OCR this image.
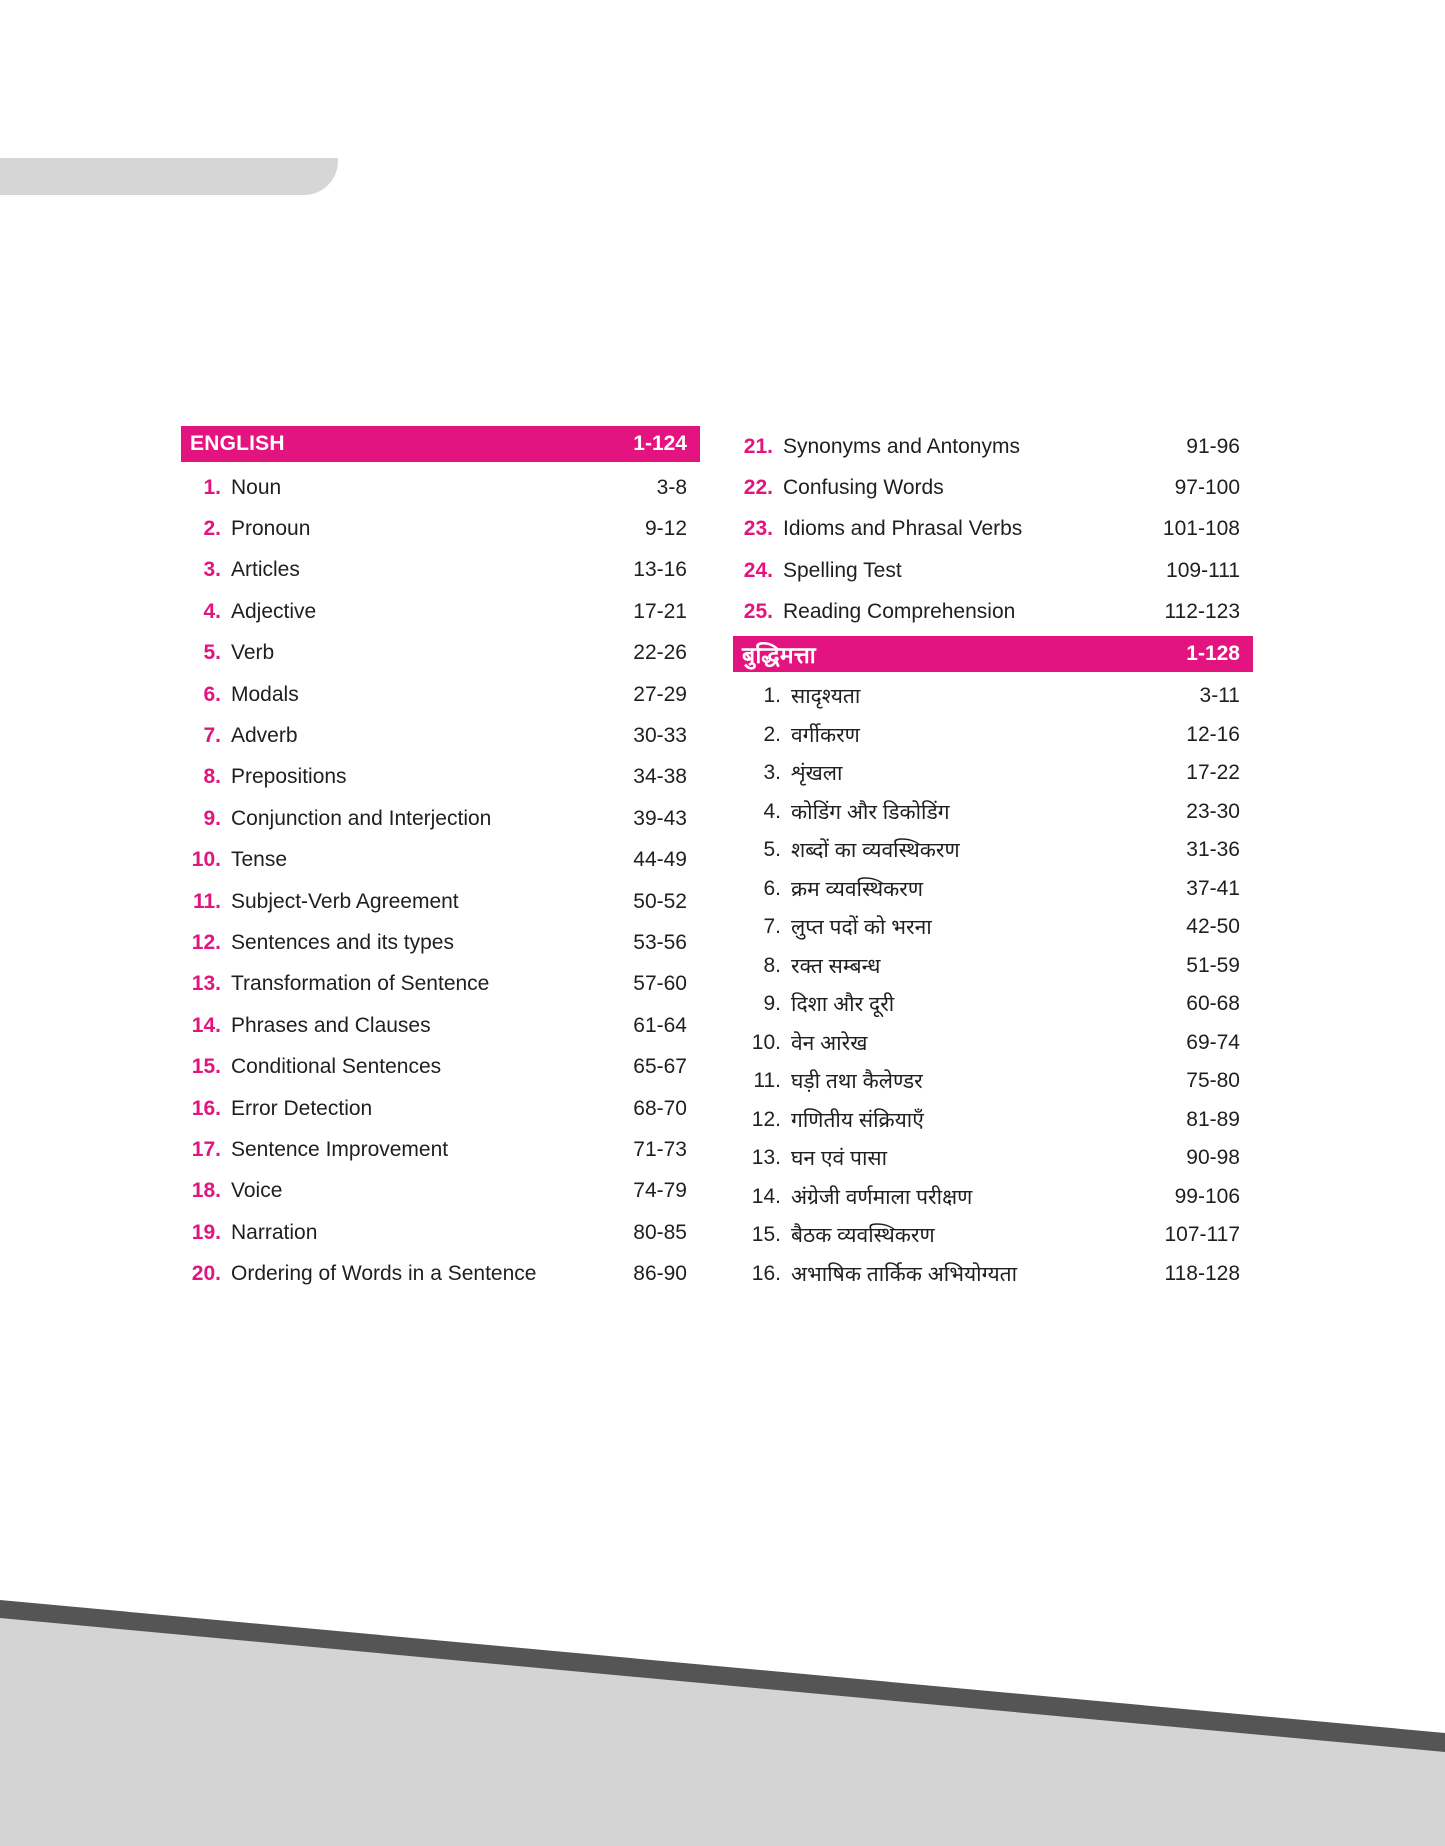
ENGLISH	1-124
1. Noun	3-8
2. Pronoun	9-12
3. Articles	13-16
4. Adjective	17-21
5. Verb	22-26
6. Modals	27-29
7. Adverb	30-33
8. Prepositions	34-38
9. Conjunction and Interjection	39-43
10. Tense	44-49
11. Subject-Verb Agreement	50-52
12. Sentences and its types	53-56
13. Transformation of Sentence	57-60
14. Phrases and Clauses	61-64
15. Conditional Sentences	65-67
16. Error Detection	68-70
17. Sentence Improvement	71-73
18. Voice	74-79
19. Narration	80-85
20. Ordering of Words in a Sentence	86-90
21. Synonyms and Antonyms	91-96
22. Confusing Words	97-100
23. Idioms and Phrasal Verbs	101-108
24. Spelling Test	109-111
25. Reading Comprehension	112-123
बुद्धिमत्ता	1-128
1. सादृश्यता	3-11
2. वर्गीकरण	12-16
3. शृंखला	17-22
4. कोडिंग और डिकोडिंग	23-30
5. शब्दों का व्यवस्थिकरण	31-36
6. क्रम व्यवस्थिकरण	37-41
7. लुप्त पदों को भरना	42-50
8. रक्त सम्बन्ध	51-59
9. दिशा और दूरी	60-68
10. वेन आरेख	69-74
11. घड़ी तथा कैलेण्डर	75-80
12. गणितीय संक्रियाएँ	81-89
13. घन एवं पासा	90-98
14. अंग्रेजी वर्णमाला परीक्षण	99-106
15. बैठक व्यवस्थिकरण	107-117
16. अभाषिक तार्किक अभियोग्यता	118-128
